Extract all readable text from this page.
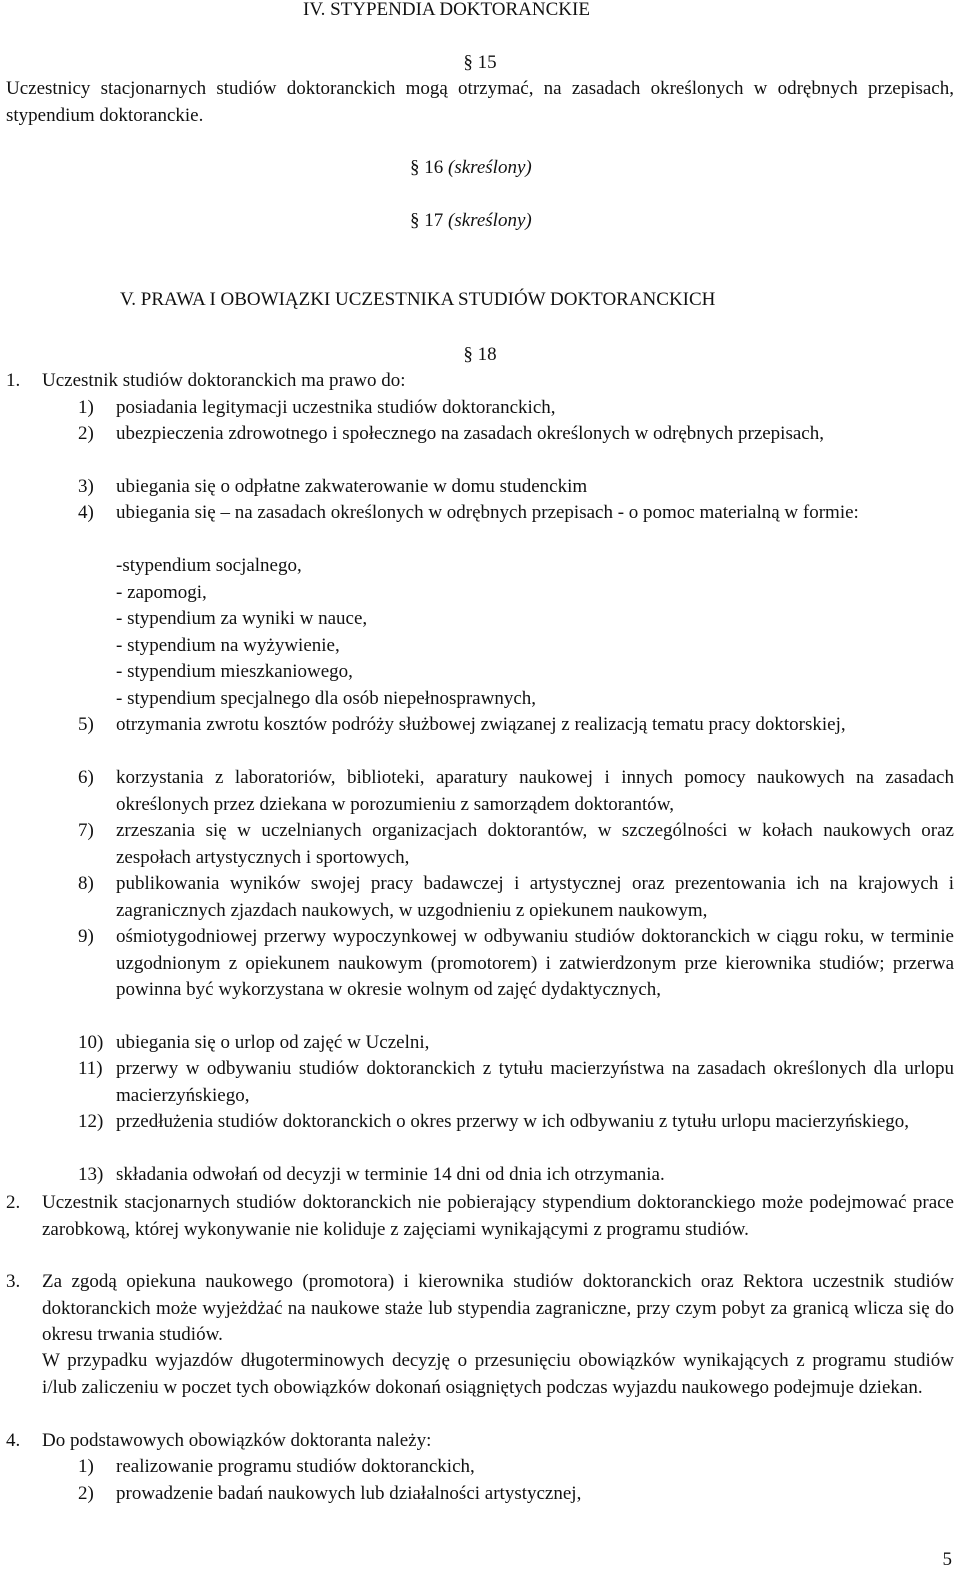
IV. STYPENDIA DOKTORANCKIE
§ 15
Uczestnicy stacjonarnych studiów doktoranckich mogą otrzymać, na zasadach określonych w odrębnych przepisach, stypendium doktoranckie.
§ 16 (skreślony)
§ 17 (skreślony)
V. PRAWA I OBOWIĄZKI UCZESTNIKA STUDIÓW DOKTORANCKICH
§ 18
1. Uczestnik studiów doktoranckich ma prawo do:
1) posiadania legitymacji uczestnika studiów doktoranckich,
2) ubezpieczenia zdrowotnego i społecznego na zasadach określonych w odrębnych przepisach,
3) ubiegania się o odpłatne zakwaterowanie w domu studenckim
4) ubiegania się – na zasadach określonych w odrębnych przepisach - o pomoc materialną w formie:
-stypendium socjalnego,
- zapomogi,
- stypendium za wyniki w nauce,
- stypendium na wyżywienie,
- stypendium mieszkaniowego,
- stypendium specjalnego dla osób niepełnosprawnych,
5) otrzymania zwrotu kosztów podróży służbowej związanej z realizacją tematu pracy doktorskiej,
6) korzystania z laboratoriów, biblioteki, aparatury naukowej i innych pomocy naukowych na zasadach określonych przez dziekana w porozumieniu z samorządem doktorantów,
7) zrzeszania się w uczelnianych organizacjach doktorantów, w szczególności w kołach naukowych oraz zespołach artystycznych i sportowych,
8) publikowania wyników swojej pracy badawczej i artystycznej oraz prezentowania ich na krajowych i zagranicznych zjazdach naukowych, w uzgodnieniu z opiekunem naukowym,
9) ośmiotygodniowej przerwy wypoczynkowej w odbywaniu studiów doktoranckich w ciągu roku, w terminie uzgodnionym z opiekunem naukowym (promotorem) i zatwierdzonym prze kierownika studiów; przerwa powinna być wykorzystana w okresie wolnym od zajęć dydaktycznych,
10) ubiegania się o urlop od zajęć w Uczelni,
11) przerwy w odbywaniu studiów doktoranckich z tytułu macierzyństwa na zasadach określonych dla urlopu macierzyńskiego,
12) przedłużenia studiów doktoranckich o okres przerwy w ich odbywaniu z tytułu urlopu macierzyńskiego,
13) składania odwołań od decyzji w terminie 14 dni od dnia ich otrzymania.
2. Uczestnik stacjonarnych studiów doktoranckich nie pobierający stypendium doktoranckiego może podejmować prace zarobkową, której wykonywanie nie koliduje z zajęciami wynikającymi z programu studiów.
3. Za zgodą opiekuna naukowego (promotora) i kierownika studiów doktoranckich oraz Rektora uczestnik studiów doktoranckich może wyjeżdżać na naukowe staże lub stypendia zagraniczne, przy czym pobyt za granicą wlicza się do okresu trwania studiów.
W przypadku wyjazdów długoterminowych decyzję o przesunięciu obowiązków wynikających z programu studiów i/lub zaliczeniu w poczet tych obowiązków dokonań osiągniętych podczas wyjazdu naukowego podejmuje dziekan.
4. Do podstawowych obowiązków doktoranta należy:
1) realizowanie programu studiów doktoranckich,
2) prowadzenie badań naukowych lub działalności artystycznej,
5
